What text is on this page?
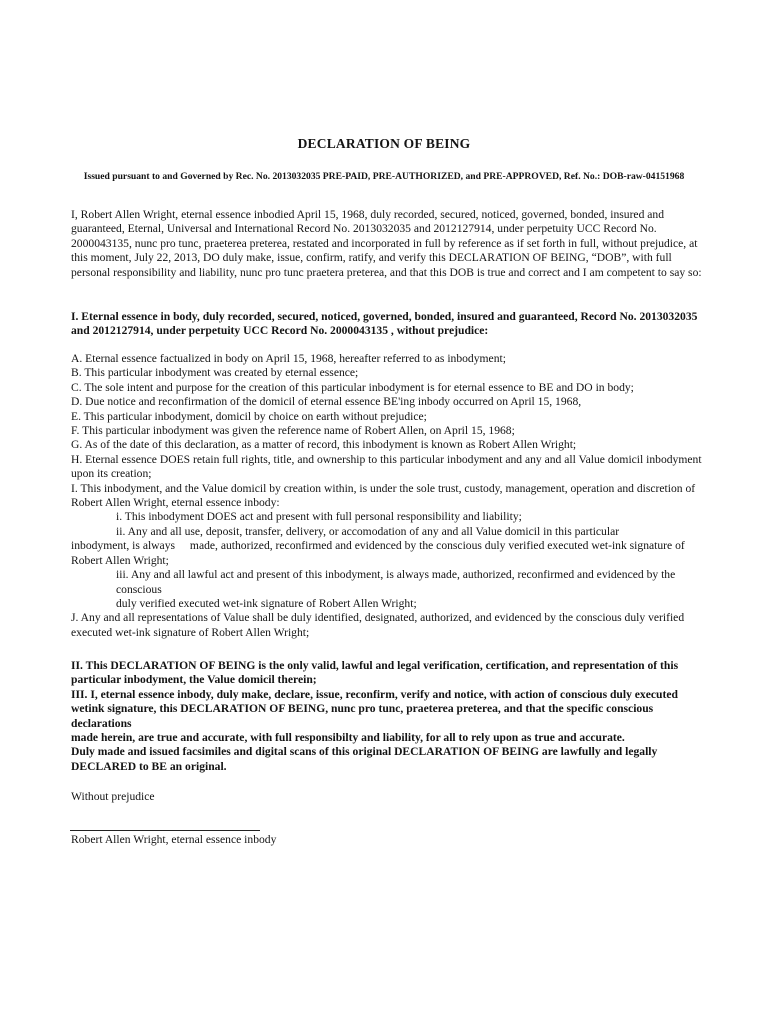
DECLARATION OF BEING
Issued pursuant to and Governed by Rec. No. 2013032035 PRE-PAID, PRE-AUTHORIZED, and PRE-APPROVED, Ref. No.: DOB-raw-04151968
I, Robert Allen Wright, eternal essence inbodied April 15, 1968, duly recorded, secured, noticed, governed, bonded, insured and guaranteed, Eternal, Universal and International Record No. 2013032035 and 2012127914, under perpetuity UCC Record No. 2000043135, nunc pro tunc, praeterea preterea, restated and incorporated in full by reference as if set forth in full, without prejudice, at this moment, July 22, 2013, DO duly make, issue, confirm, ratify, and verify this DECLARATION OF BEING, “DOB”, with full personal responsibility and liability, nunc pro tunc praetera preterea, and that this DOB is true and correct and I am competent to say so:
I. Eternal essence in body, duly recorded, secured, noticed, governed, bonded, insured and guaranteed, Record No. 2013032035 and 2012127914, under perpetuity UCC Record No. 2000043135 , without prejudice:
A. Eternal essence factualized in body on April 15, 1968, hereafter referred to as inbodyment;
B. This particular inbodyment was created by eternal essence;
C. The sole intent and purpose for the creation of this particular inbodyment is for eternal essence to BE and DO in body;
D. Due notice and reconfirmation of the domicil of eternal essence BE'ing inbody occurred on April 15, 1968,
E. This particular inbodyment, domicil by choice on earth without prejudice;
F. This particular inbodyment was given the reference name of Robert Allen, on April 15, 1968;
G. As of the date of this declaration, as a matter of record, this inbodyment is known as Robert Allen Wright;
H. Eternal essence DOES retain full rights, title, and ownership to this particular inbodyment and any and all Value domicil inbodyment upon its creation;
I. This inbodyment, and the Value domicil by creation within, is under the sole trust, custody, management, operation and discretion of Robert Allen Wright, eternal essence inbody:
i. This inbodyment DOES act and present with full personal responsibility and liability;
ii. Any and all use, deposit, transfer, delivery, or accomodation of any and all Value domicil in this particular
inbodyment, is always made, authorized, reconfirmed and evidenced by the conscious duly verified executed wet-ink signature of Robert Allen Wright;
iii. Any and all lawful act and present of this inbodyment, is always made, authorized, reconfirmed and evidenced by the conscious
duly verified executed wet-ink signature of Robert Allen Wright;
J. Any and all representations of Value shall be duly identified, designated, authorized, and evidenced by the conscious duly verified executed wet-ink signature of Robert Allen Wright;
II. This DECLARATION OF BEING is the only valid, lawful and legal verification, certification, and representation of this particular inbodyment, the Value domicil therein;
III. I, eternal essence inbody, duly make, declare, issue, reconfirm, verify and notice, with action of conscious duly executed wetink signature, this DECLARATION OF BEING, nunc pro tunc, praeterea preterea, and that the specific conscious declarations
made herein, are true and accurate, with full responsibilty and liability, for all to rely upon as true and accurate.
Duly made and issued facsimiles and digital scans of this original DECLARATION OF BEING are lawfully and legally DECLARED to BE an original.
Without prejudice
Robert Allen Wright, eternal essence inbody
